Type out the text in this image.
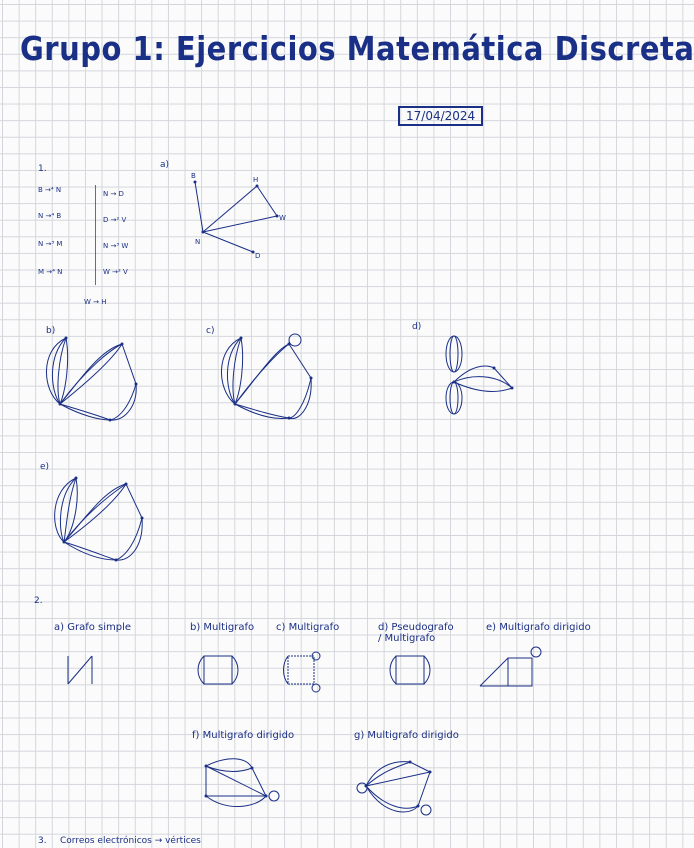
Grupo 1: Ejercicios Matemática Discreta
17/04/2024
1.
B →⁴ N
N →⁴ B
N →³ M
M →⁴ N
N → D
D →² V
N →³ W
W →² V
W → H
a)
B	H
W
N
D
b)	c)	d)
e)
2.
a) Grafo simple	b) Multigrafo c) Multigrafo	d) Pseudografo / Multigrafo
e) Multigrafo dirigido
f) Multigrafo dirigido	g) Multigrafo dirigido
3. Correos electrónicos → vértices
